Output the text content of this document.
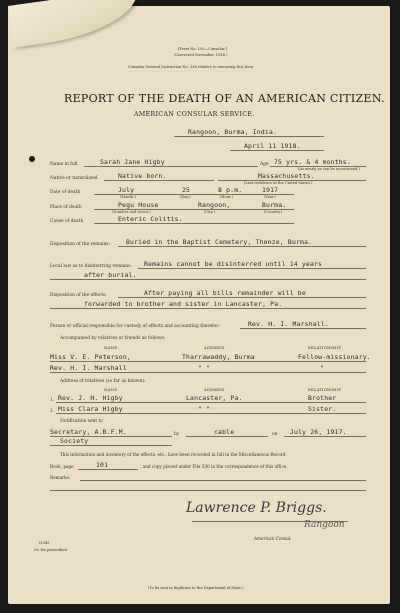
[Form No. 192—Consular.]
(Corrected November, 1914.)
Consular General Instruction No. 328 relative to executing this form.
REPORT OF THE DEATH OF AN AMERICAN CITIZEN.
AMERICAN CONSULAR SERVICE.
Rangoon, Burma, India.
April 11 1918.
Name in full	Sarah Jane Higby	Age 75 yrs. & 4 months.
(As nearly as can be ascertained.)
Native or naturalized	Native born.	Massachusetts.
(Last residence in the United States.)
Date of death	July	25	8 p.m.	1917
(Month.)	(Day.)	(Hour.)	(Year.)
Place of death	Pegu House	Rangoon,	Burma.
(Number and street.)	(City.)	(Country.)
Cause of death	Enteric Colitis.
Disposition of the remains: Buried in the Baptist Cemetery, Thonze, Burma.
Local law as to disinterring remains: Remains cannot be disinterred until 14 years
after burial.
Disposition of the effects:	After paying all bills remainder will be
forwarded to brother and sister in Lancaster, Pa.
Person or official responsible for custody of effects and accounting therefor:	Rev. H. I. Marshall.
Accompanied by relatives or friends as follows:
NAME.	ADDRESS.	RELATIONSHIP.
Miss V. E. Peterson,	Tharrawaddy, Burma	Fellow-missionary.
Rev. H. I. Marshall	" "	"
Address of relatives (so far as known):
NAME.	ADDRESS.	RELATIONSHIP.
1. Rev. J. H. Higby	Lancaster, Pa.	Brother
2. Miss Clara Higby	" "	Sister.
Notification sent to
Secretary, A.B.F.M.
Society
by	cable	on July 26, 1917.
This information and inventory of the effects, etc., have been recorded in full in the Miscellaneous Record
Book, page	101	, and copy placed under File 330 in the correspondence of this office.
Remarks:
Lawrence P. Briggs.
Rangoon
American Consul.
12045
No fee prescribed.
(To be sent in duplicate to the Department of State.)
